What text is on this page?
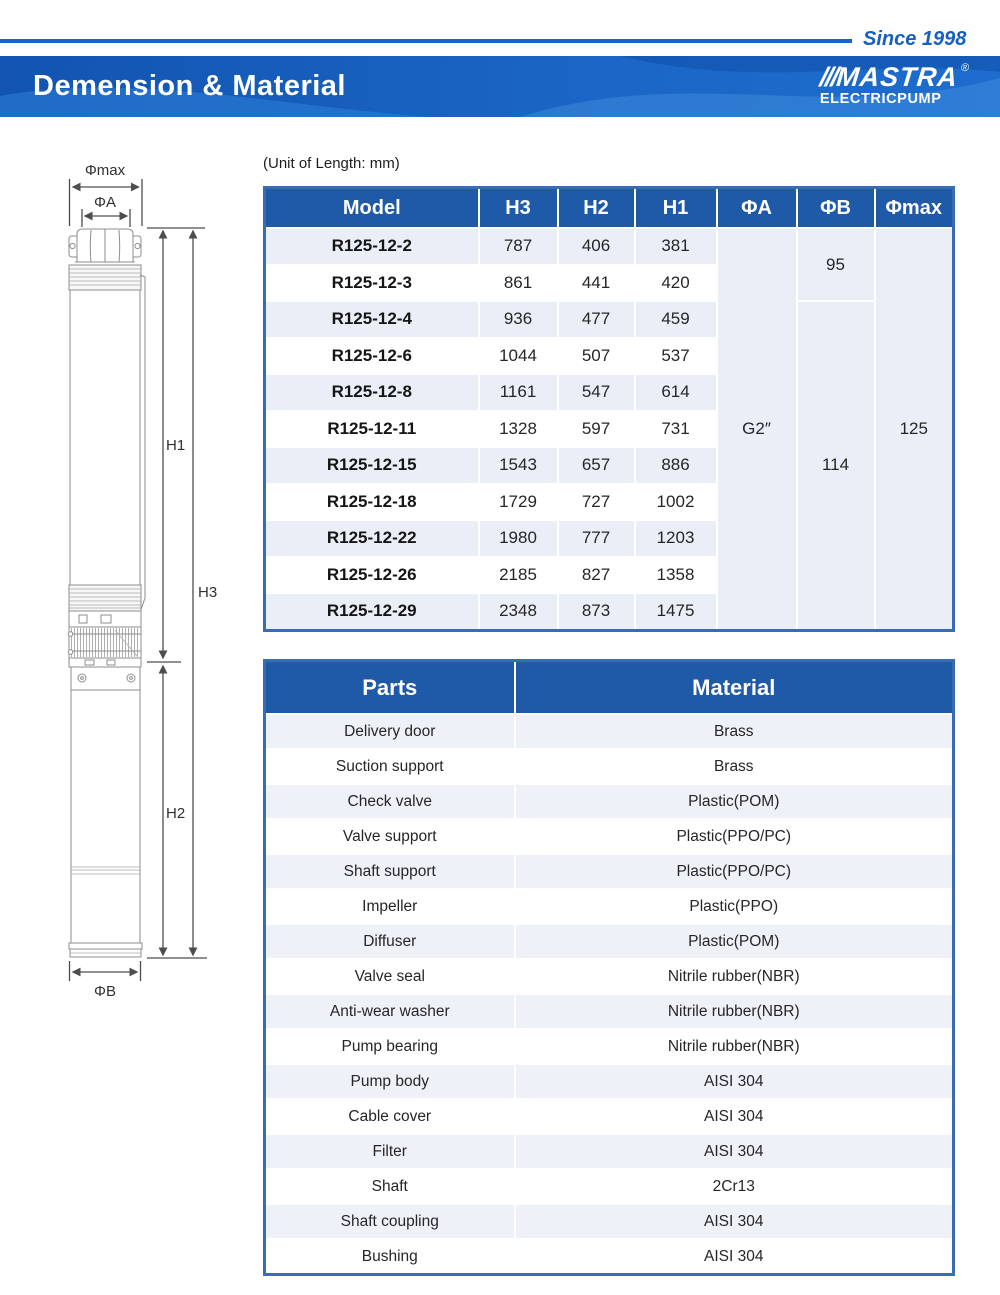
Since 1998
Demension & Material	///
MASTRA ®
ELECTRICPUMP
Φmax
ΦA
H1
H2
H3
ΦB
(Unit of Length: mm)
Model	H3	H2	H1	ΦA	ΦB	Φmax
R125-12-2	787	406	381	G2″	95	125
R125-12-3	861	441	420			
R125-12-4	936	477	459		114	
R125-12-6	1044	507	537			
R125-12-8	1161	547	614			
R125-12-11	1328	597	731			
R125-12-15	1543	657	886			
R125-12-18	1729	727	1002			
R125-12-22	1980	777	1203			
R125-12-26	2185	827	1358			
R125-12-29	2348	873	1475			
Parts	Material
Delivery door	Brass
Suction support	Brass
Check valve	Plastic(POM)
Valve support	Plastic(PPO/PC)
Shaft support	Plastic(PPO/PC)
Impeller	Plastic(PPO)
Diffuser	Plastic(POM)
Valve seal	Nitrile rubber(NBR)
Anti-wear washer	Nitrile rubber(NBR)
Pump bearing	Nitrile rubber(NBR)
Pump body	AISI 304
Cable cover	AISI 304
Filter	AISI 304
Shaft	2Cr13
Shaft coupling	AISI 304
Bushing	AISI 304
